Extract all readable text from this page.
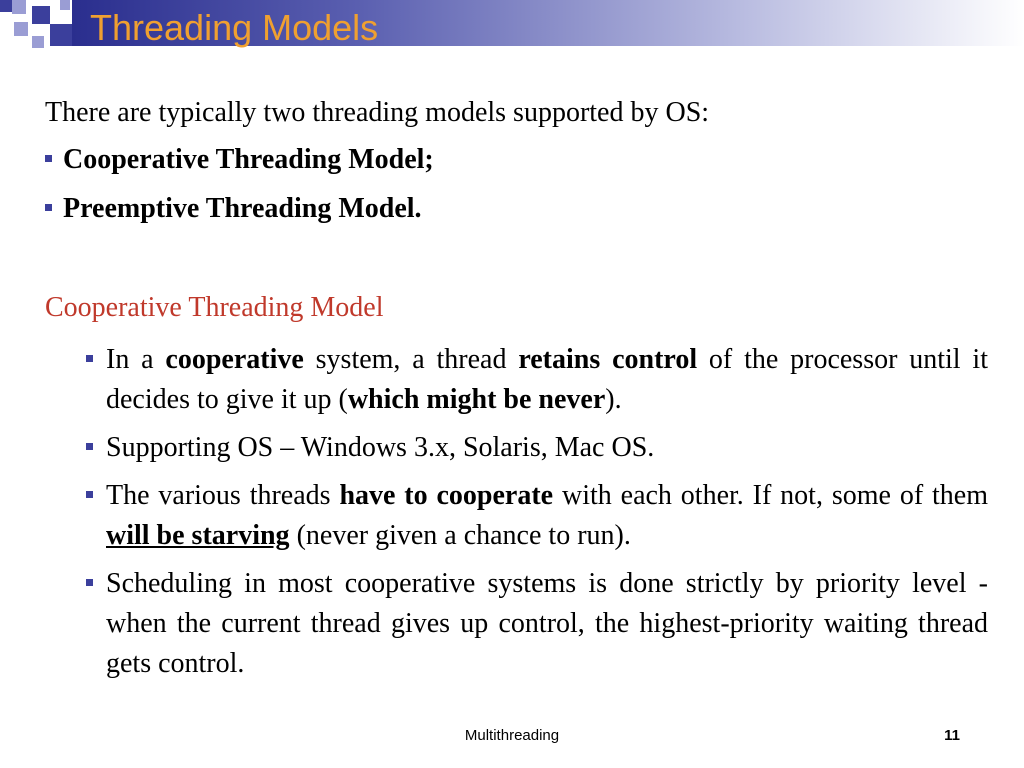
Threading Models

There are typically two threading models supported by OS:

Cooperative Threading Model;
Preemptive Threading Model.

Cooperative Threading Model

In a cooperative system, a thread retains control of the processor until it decides to give it up (which might be never).
Supporting OS – Windows 3.x, Solaris, Mac OS.
The various threads have to cooperate with each other. If not, some of them will be starving (never given a chance to run).
Scheduling in most cooperative systems is done strictly by priority level - when the current thread gives up control, the highest-priority waiting thread gets control.
Multithreading	11
